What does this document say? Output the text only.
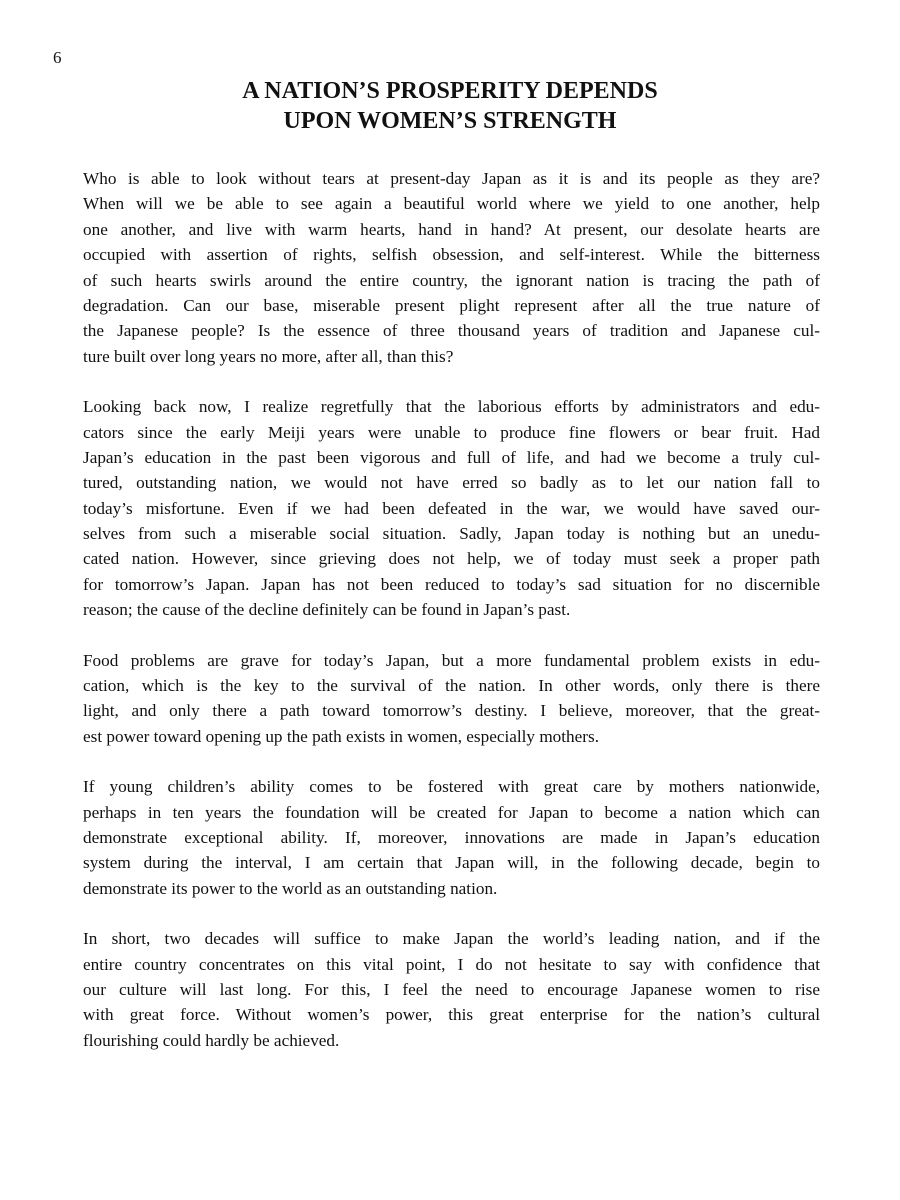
6
A NATION’S PROSPERITY DEPENDS
UPON WOMEN’S STRENGTH

Who is able to look without tears at present-day Japan as it is and its people as they are?
When will we be able to see again a beautiful world where we yield to one another, help
one another, and live with warm hearts, hand in hand? At present, our desolate hearts are
occupied with assertion of rights, selfish obsession, and self-interest. While the bitterness
of such hearts swirls around the entire country, the ignorant nation is tracing the path of
degradation. Can our base, miserable present plight represent after all the true nature of
the Japanese people? Is the essence of three thousand years of tradition and Japanese cul-
ture built over long years no more, after all, than this?

Looking back now, I realize regretfully that the laborious efforts by administrators and edu-
cators since the early Meiji years were unable to produce fine flowers or bear fruit. Had
Japan’s education in the past been vigorous and full of life, and had we become a truly cul-
tured, outstanding nation, we would not have erred so badly as to let our nation fall to
today’s misfortune. Even if we had been defeated in the war, we would have saved our-
selves from such a miserable social situation. Sadly, Japan today is nothing but an unedu-
cated nation. However, since grieving does not help, we of today must seek a proper path
for tomorrow’s Japan. Japan has not been reduced to today’s sad situation for no discernible
reason; the cause of the decline definitely can be found in Japan’s past.

Food problems are grave for today’s Japan, but a more fundamental problem exists in edu-
cation, which is the key to the survival of the nation. In other words, only there is there
light, and only there a path toward tomorrow’s destiny. I believe, moreover, that the great-
est power toward opening up the path exists in women, especially mothers.

If young children’s ability comes to be fostered with great care by mothers nationwide,
perhaps in ten years the foundation will be created for Japan to become a nation which can
demonstrate exceptional ability. If, moreover, innovations are made in Japan’s education
system during the interval, I am certain that Japan will, in the following decade, begin to
demonstrate its power to the world as an outstanding nation.

In short, two decades will suffice to make Japan the world’s leading nation, and if the
entire country concentrates on this vital point, I do not hesitate to say with confidence that
our culture will last long. For this, I feel the need to encourage Japanese women to rise
with great force. Without women’s power, this great enterprise for the nation’s cultural
flourishing could hardly be achieved.
